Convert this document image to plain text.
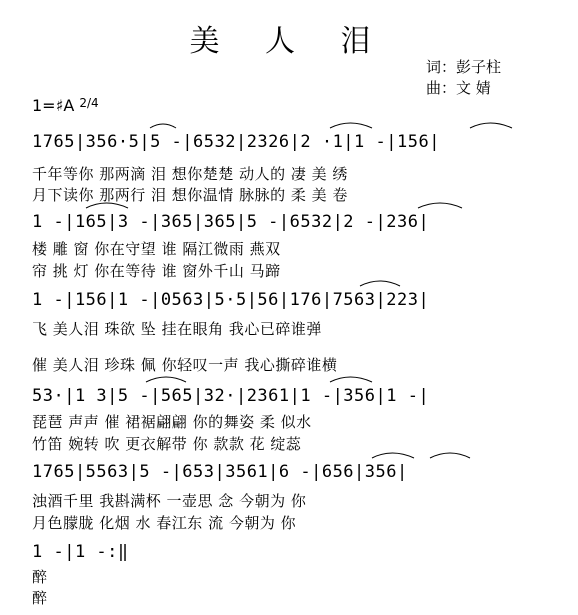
美 人 泪
词：彭子柱
曲：文 婧
1=♯A $^{2/4}$
1765|356·5|5 -|6532|2326|2 ·1|1 -|156|
千年等你 那两滴 泪 想你楚楚 动人的 凄 美 绣
月下读你 那两行 泪 想你温情 脉脉的 柔 美 卷
1 -|165|3 -|365|365|5 -|6532|2 -|236|
楼 雕 窗 你在守望 谁 隔江微雨 燕双
帘 挑 灯 你在等待 谁 窗外千山 马蹄
1 -|156|1 -|0563|5·5|56|176|7563|223|
飞 美人泪 珠欲 坠 挂在眼角 我心已碎谁弹
催 美人泪 珍珠 佩 你轻叹一声 我心撕碎谁横
53·|1 3|5 -|565|32·|2361|1 -|356|1 -|
琵琶 声声 催 裙裾翩翩 你的舞姿 柔 似水
竹笛 婉转 吹 更衣解带 你 款款 花 绽蕊
1765|5563|5 -|653|3561|6 -|656|356|
浊酒千里 我斟满杯 一壶思 念 今朝为 你
月色朦胧 化烟 水 春江东 流 今朝为 你
1 -|1 -:‖
醉
醉
